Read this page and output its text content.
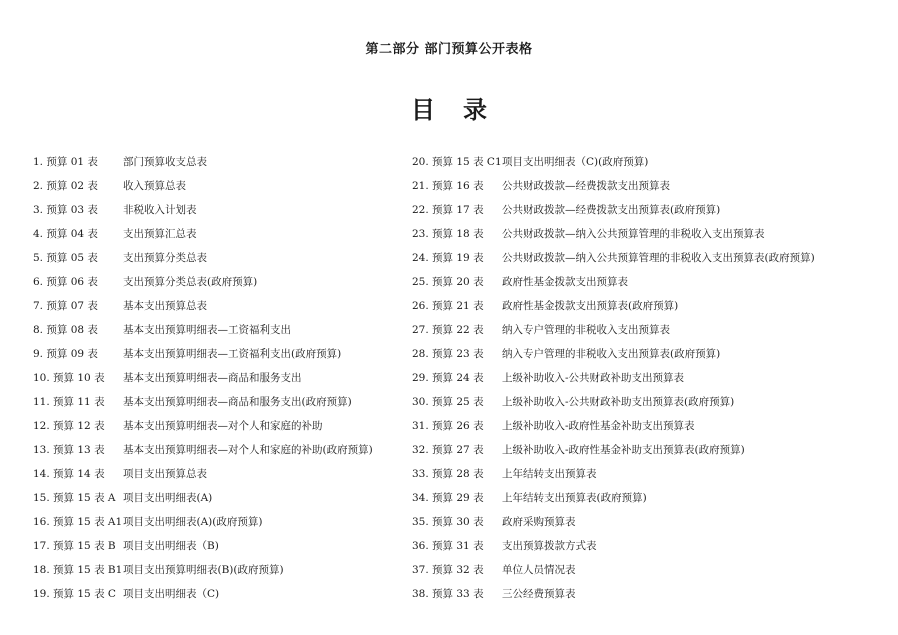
第二部分 部门预算公开表格
目录
1. 预算 01 表	部门预算收支总表
2. 预算 02 表	收入预算总表
3. 预算 03 表	非税收入计划表
4. 预算 04 表	支出预算汇总表
5. 预算 05 表	支出预算分类总表
6. 预算 06 表	支出预算分类总表(政府预算)
7. 预算 07 表	基本支出预算总表
8. 预算 08 表	基本支出预算明细表—工资福利支出
9. 预算 09 表	基本支出预算明细表—工资福利支出(政府预算)
10. 预算 10 表	基本支出预算明细表—商品和服务支出
11. 预算 11 表	基本支出预算明细表—商品和服务支出(政府预算)
12. 预算 12 表	基本支出预算明细表—对个人和家庭的补助
13. 预算 13 表	基本支出预算明细表—对个人和家庭的补助(政府预算)
14. 预算 14 表	项目支出预算总表
15. 预算 15 表 A 项目支出明细表(A)
16. 预算 15 表 A1 项目支出明细表(A)(政府预算)
17. 预算 15 表 B 项目支出明细表（B)
18. 预算 15 表 B1 项目支出预算明细表(B)(政府预算)
19. 预算 15 表 C 项目支出明细表（C)
20. 预算 15 表 C1 项目支出明细表（C)(政府预算)
21. 预算 16 表	公共财政拨款—经费拨款支出预算表
22. 预算 17 表	公共财政拨款—经费拨款支出预算表(政府预算)
23. 预算 18 表	公共财政拨款—纳入公共预算管理的非税收入支出预算表
24. 预算 19 表	公共财政拨款—纳入公共预算管理的非税收入支出预算表(政府预算)
25. 预算 20 表	政府性基金拨款支出预算表
26. 预算 21 表	政府性基金拨款支出预算表(政府预算)
27. 预算 22 表	纳入专户管理的非税收入支出预算表
28. 预算 23 表	纳入专户管理的非税收入支出预算表(政府预算)
29. 预算 24 表	上级补助收入-公共财政补助支出预算表
30. 预算 25 表	上级补助收入-公共财政补助支出预算表(政府预算)
31. 预算 26 表	上级补助收入-政府性基金补助支出预算表
32. 预算 27 表	上级补助收入-政府性基金补助支出预算表(政府预算)
33. 预算 28 表	上年结转支出预算表
34. 预算 29 表	上年结转支出预算表(政府预算)
35. 预算 30 表	政府采购预算表
36. 预算 31 表	支出预算拨款方式表
37. 预算 32 表	单位人员情况表
38. 预算 33 表	三公经费预算表
